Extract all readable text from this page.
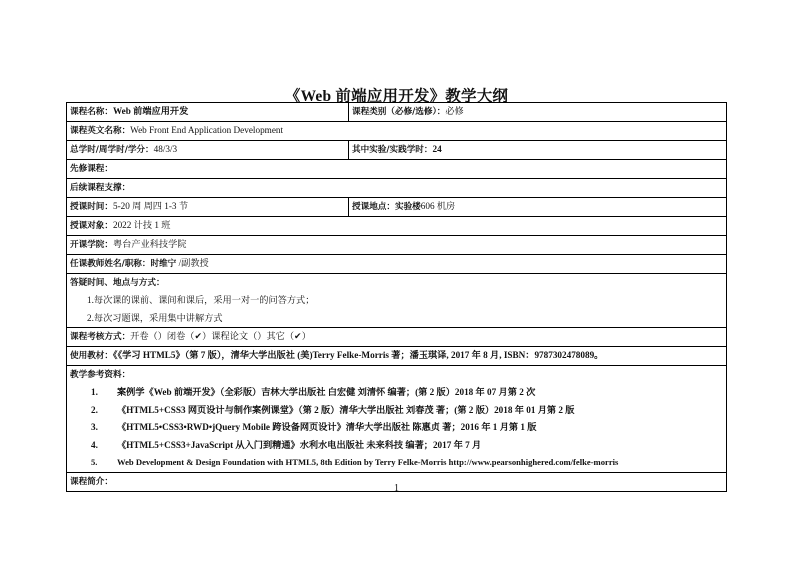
《Web 前端应用开发》教学大纲
课程名称：Web 前端应用开发	课程类别（必修/选修）：必修
课程英文名称：Web Front End Application Development	
总学时/周学时/学分：48/3/3	其中实验/实践学时：24
先修课程：	
后续课程支撑：	
授课时间：5-20 周 周四 1-3 节	授课地点：实验楼606 机房
授课对象：2022 计技 1 班	
开课学院：粤台产业科技学院	
任课教师姓名/职称：时维宁 /副教授	
答疑时间、地点与方式：	
1.每次课的课前、课间和课后，采用一对一的问答方式；	
2.每次习题课，采用集中讲解方式	
课程考核方式：开卷（）闭卷（✔）课程论文（）其它（✔）	
使用教材：《《学习 HTML5》（第 7 版），清华大学出版社 (美)Terry Felke-Morris 著；潘玉琪译, 2017 年 8 月, ISBN：9787302478089。	
教学参考资料：	
1. 案例学《Web 前端开发》（全彩版）吉林大学出版社 白宏健 刘清怀 编著；(第 2 版）2018 年 07 月第 2 次	
2. 《HTML5+CSS3 网页设计与制作案例课堂》（第 2 版）清华大学出版社 刘春茂 著；(第 2 版）2018 年 01 月第 2 版	
3. 《HTML5•CSS3•RWD•jQuery Mobile 跨设备网页设计》清华大学出版社 陈惠贞 著；2016 年 1 月第 1 版	
4. 《HTML5+CSS3+JavaScript 从入门到精通》水利水电出版社 未来科技 编著；2017 年 7 月	
5. Web Development & Design Foundation with HTML5, 8th Edition by Terry Felke-Morris http://www.pearsonhighered.com/felke-morris	
课程简介：	
1
